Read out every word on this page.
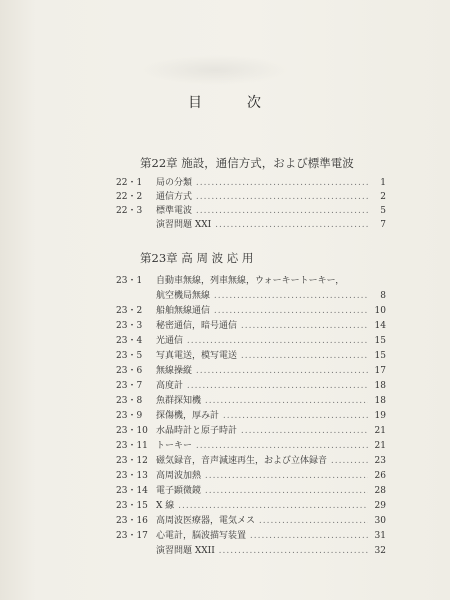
目	次
第22章 施設，通信方式，および標準電波
第23章 高 周 波 応 用
22・1	局の分類 .....	1
22・2	通信方式 .....	2
22・3	標準電波 .....	5
演習問題 XXI .....	7
23・1	自動車無線，列車無線，ウォーキートーキー，
航空機局無線 .....	8
23・2	船舶無線通信 .....	10
23・3	秘密通信，暗号通信 .....	14
23・4	光通信 .....	15
23・5	写真電送，模写電送 .....	15
23・6	無線操縦 .....	17
23・7	高度計 .....	18
23・8	魚群探知機 .....	18
23・9	探傷機，厚み計 .....	19
23・10 水晶時計と原子時計 .....	21
23・11 トーキー .....	21
23・12 磁気録音，音声減速再生，および立体録音 .....	23
23・13 高周波加熱 .....	26
23・14 電子顕微鏡 .....	28
23・15 X 線 .....	29
23・16 高周波医療器，電気メス .....	30
23・17 心電計，脳波描写装置 .....	31
演習問題 XXII .....	32
